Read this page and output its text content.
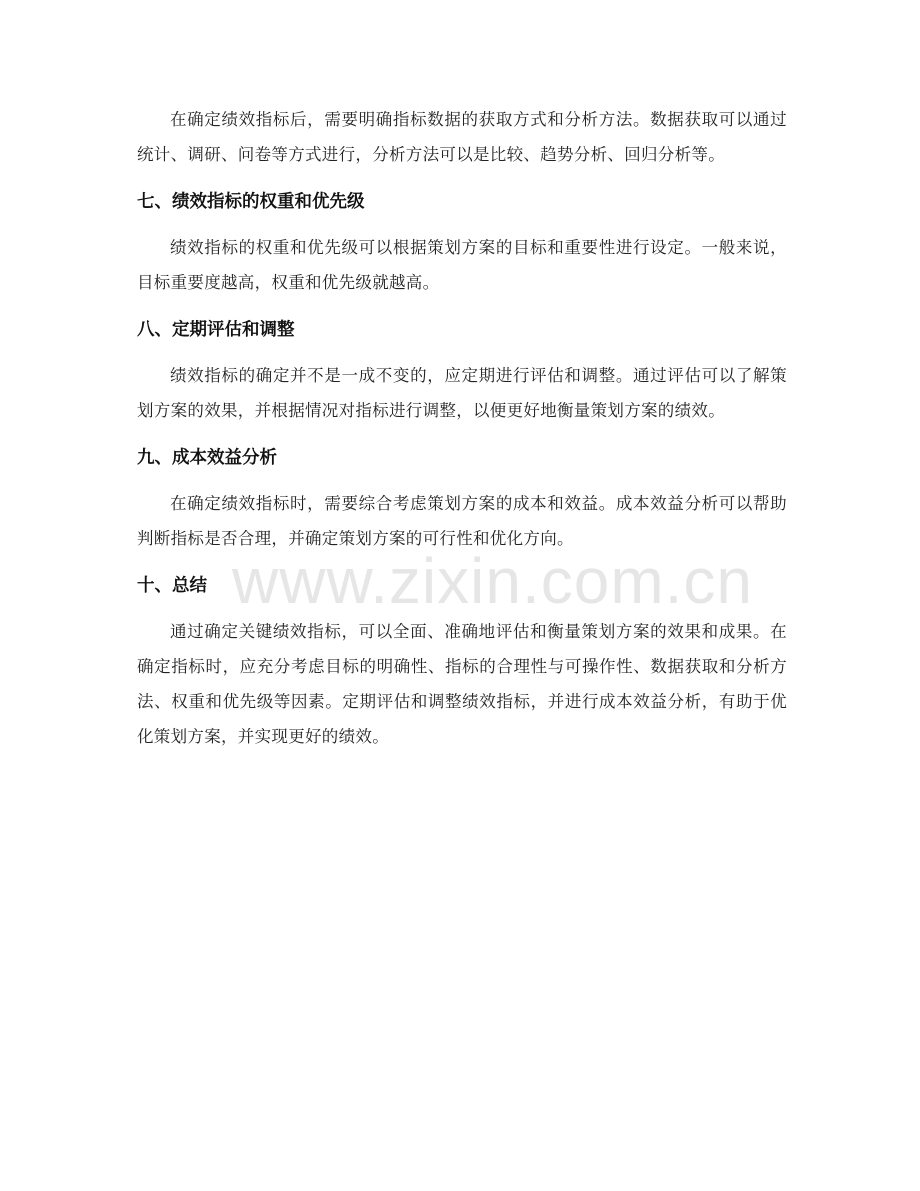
在确定绩效指标后，需要明确指标数据的获取方式和分析方法。数据获取可以通过统计、调研、问卷等方式进行，分析方法可以是比较、趋势分析、回归分析等。

七、绩效指标的权重和优先级

绩效指标的权重和优先级可以根据策划方案的目标和重要性进行设定。一般来说，目标重要度越高，权重和优先级就越高。

八、定期评估和调整

绩效指标的确定并不是一成不变的，应定期进行评估和调整。通过评估可以了解策划方案的效果，并根据情况对指标进行调整，以便更好地衡量策划方案的绩效。

九、成本效益分析

在确定绩效指标时，需要综合考虑策划方案的成本和效益。成本效益分析可以帮助判断指标是否合理，并确定策划方案的可行性和优化方向。

十、总结

通过确定关键绩效指标，可以全面、准确地评估和衡量策划方案的效果和成果。在确定指标时，应充分考虑目标的明确性、指标的合理性与可操作性、数据获取和分析方法、权重和优先级等因素。定期评估和调整绩效指标，并进行成本效益分析，有助于优化策划方案，并实现更好的绩效。

www.zixin.com.cn
